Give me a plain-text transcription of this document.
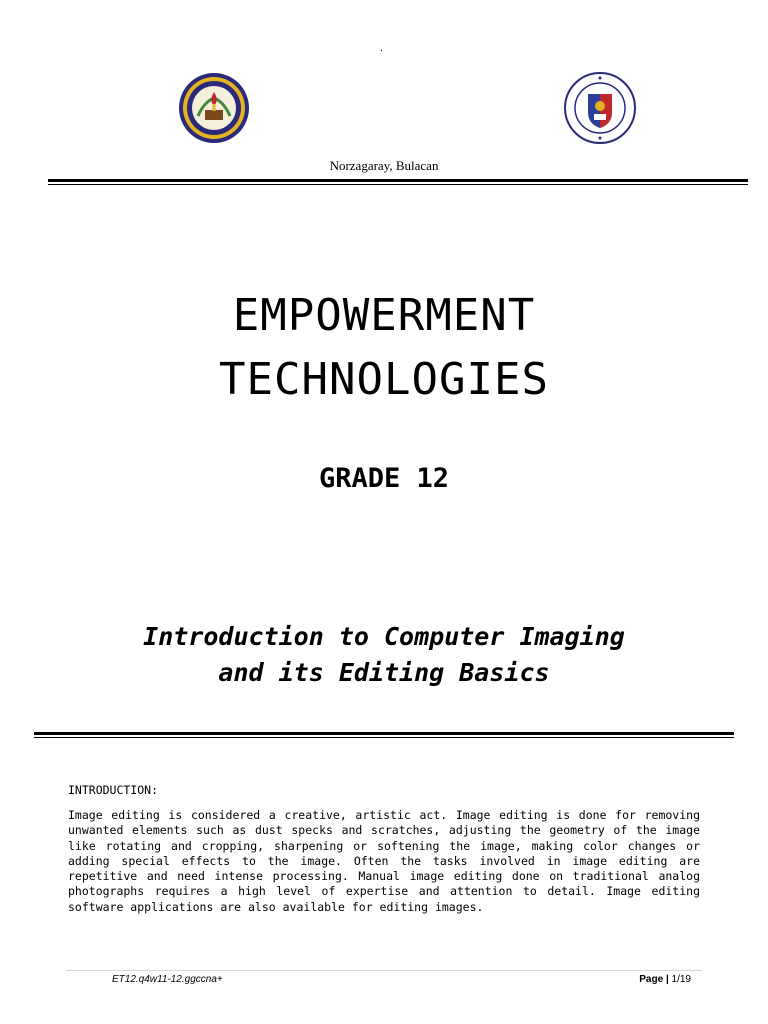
.
Norzagaray, Bulacan
EMPOWERMENT
TECHNOLOGIES
GRADE 12
Introduction to Computer Imaging
and its Editing Basics
INTRODUCTION:
Image editing is considered a creative, artistic act. Image editing is done for removing unwanted elements such as dust specks and scratches, adjusting the geometry of the image like rotating and cropping, sharpening or softening the image, making color changes or adding special effects to the image. Often the tasks involved in image editing are repetitive and need intense processing. Manual image editing done on traditional analog photographs requires a high level of expertise and attention to detail. Image editing software applications are also available for editing images.
ET12.q4w11-12.ggccna+	Page | 1/19
